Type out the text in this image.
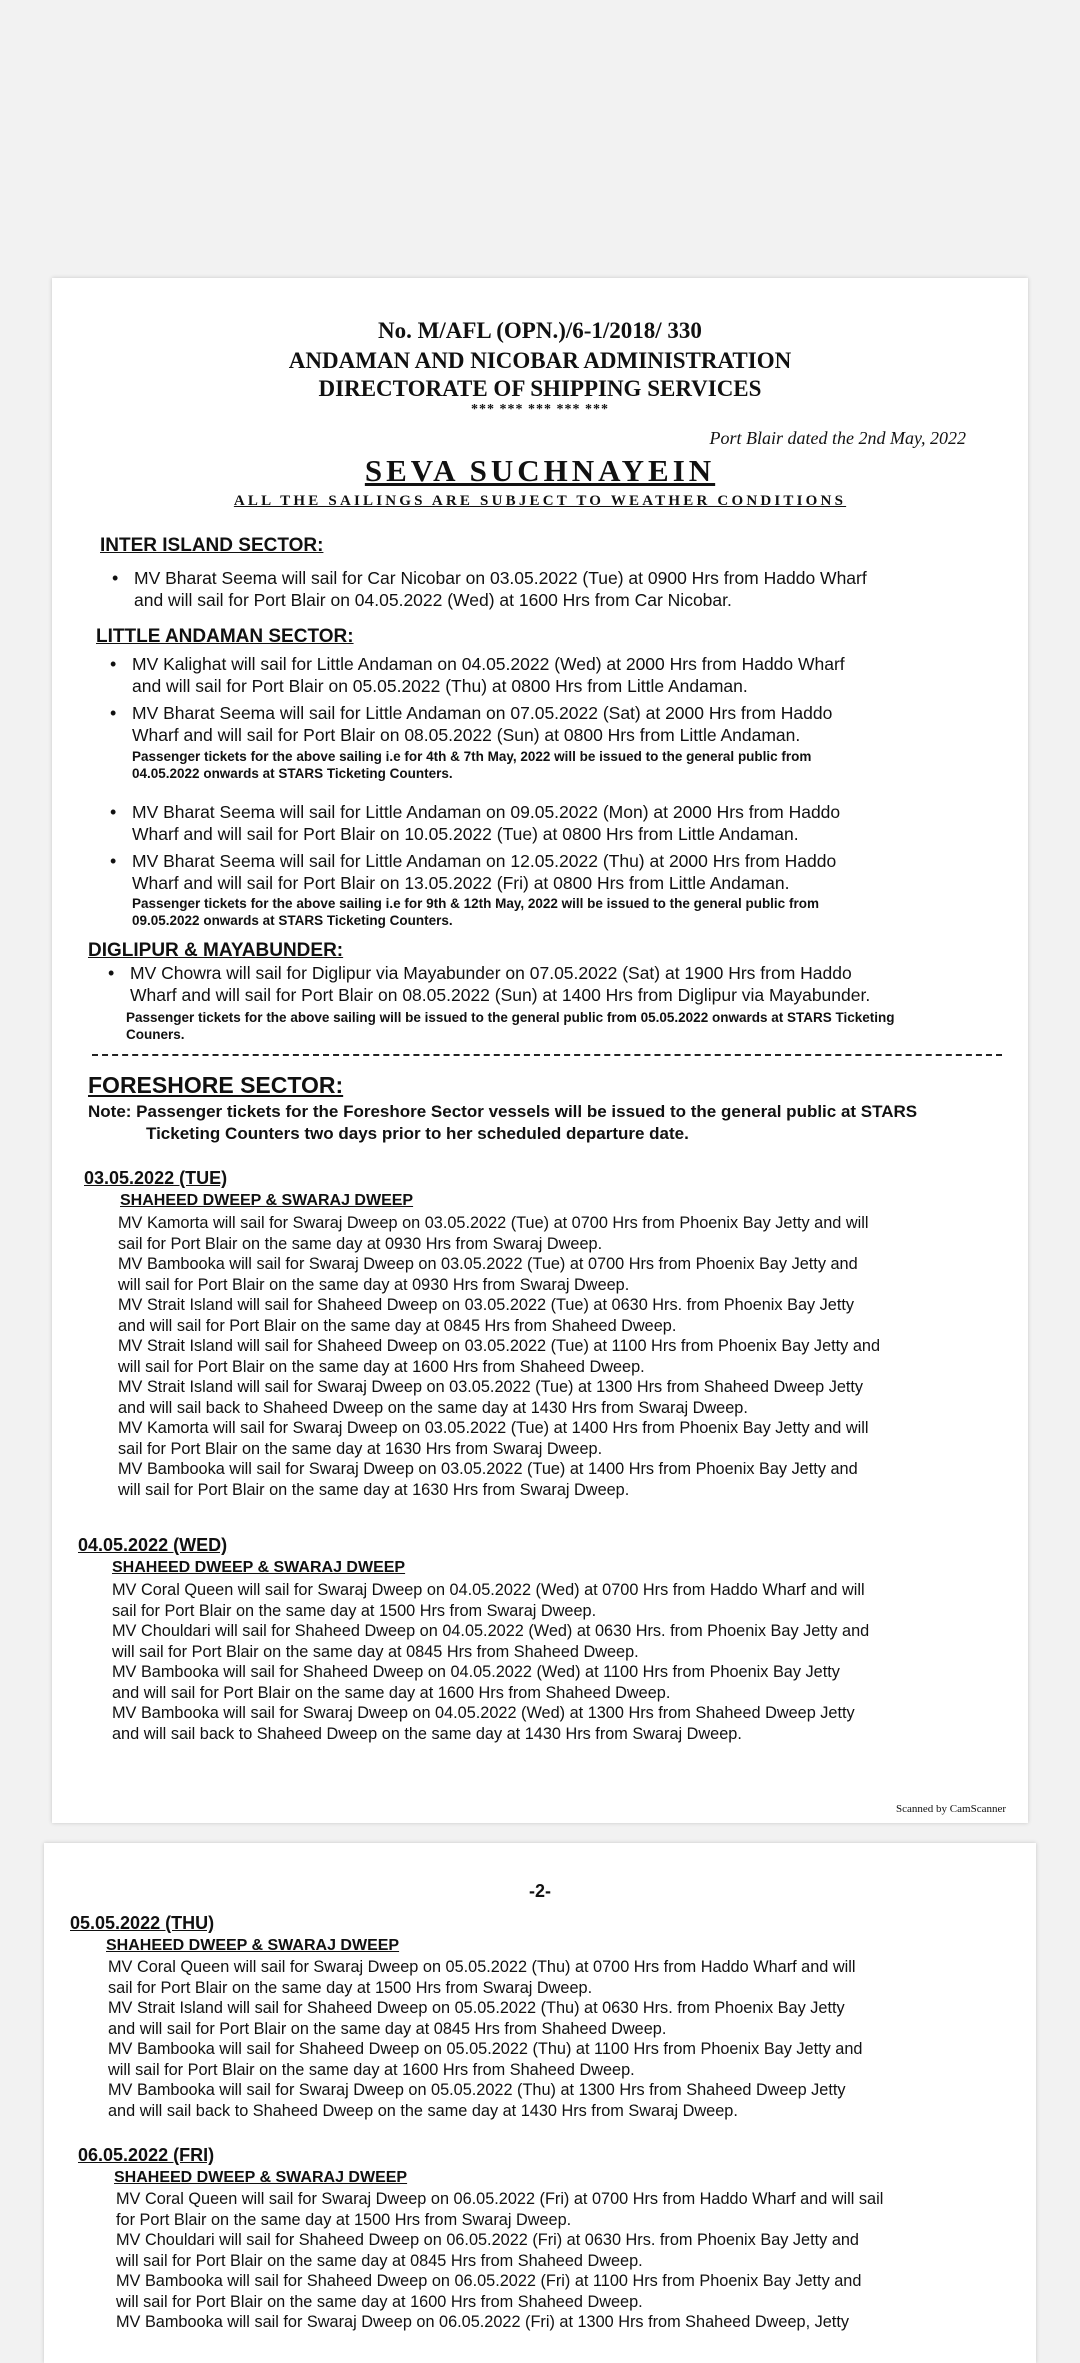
No. M/AFL (OPN.)/6-1/2018/ 330
ANDAMAN AND NICOBAR ADMINISTRATION
DIRECTORATE OF SHIPPING SERVICES
*** *** *** *** ***
Port Blair dated the 2nd May, 2022
SEVA SUCHNAYEIN
ALL THE SAILINGS ARE SUBJECT TO WEATHER CONDITIONS
INTER ISLAND SECTOR:
• MV Bharat Seema will sail for Car Nicobar on 03.05.2022 (Tue) at 0900 Hrs from Haddo Wharf
and will sail for Port Blair on 04.05.2022 (Wed) at 1600 Hrs from Car Nicobar.
LITTLE ANDAMAN SECTOR:
• MV Kalighat will sail for Little Andaman on 04.05.2022 (Wed) at 2000 Hrs from Haddo Wharf
and will sail for Port Blair on 05.05.2022 (Thu) at 0800 Hrs from Little Andaman.
• MV Bharat Seema will sail for Little Andaman on 07.05.2022 (Sat) at 2000 Hrs from Haddo
Wharf and will sail for Port Blair on 08.05.2022 (Sun) at 0800 Hrs from Little Andaman.
Passenger tickets for the above sailing i.e for 4th & 7th May, 2022 will be issued to the general public from
04.05.2022 onwards at STARS Ticketing Counters.
• MV Bharat Seema will sail for Little Andaman on 09.05.2022 (Mon) at 2000 Hrs from Haddo
Wharf and will sail for Port Blair on 10.05.2022 (Tue) at 0800 Hrs from Little Andaman.
• MV Bharat Seema will sail for Little Andaman on 12.05.2022 (Thu) at 2000 Hrs from Haddo
Wharf and will sail for Port Blair on 13.05.2022 (Fri) at 0800 Hrs from Little Andaman.
Passenger tickets for the above sailing i.e for 9th & 12th May, 2022 will be issued to the general public from
09.05.2022 onwards at STARS Ticketing Counters.
DIGLIPUR & MAYABUNDER:
• MV Chowra will sail for Diglipur via Mayabunder on 07.05.2022 (Sat) at 1900 Hrs from Haddo
Wharf and will sail for Port Blair on 08.05.2022 (Sun) at 1400 Hrs from Diglipur via Mayabunder.
Passenger tickets for the above sailing will be issued to the general public from 05.05.2022 onwards at STARS Ticketing
Couners.
FORESHORE SECTOR:
Note: Passenger tickets for the Foreshore Sector vessels will be issued to the general public at STARS
Ticketing Counters two days prior to her scheduled departure date.
03.05.2022 (TUE)
SHAHEED DWEEP & SWARAJ DWEEP
MV Kamorta will sail for Swaraj Dweep on 03.05.2022 (Tue) at 0700 Hrs from Phoenix Bay Jetty and will
sail for Port Blair on the same day at 0930 Hrs from Swaraj Dweep.
MV Bambooka will sail for Swaraj Dweep on 03.05.2022 (Tue) at 0700 Hrs from Phoenix Bay Jetty and
will sail for Port Blair on the same day at 0930 Hrs from Swaraj Dweep.
MV Strait Island will sail for Shaheed Dweep on 03.05.2022 (Tue) at 0630 Hrs. from Phoenix Bay Jetty
and will sail for Port Blair on the same day at 0845 Hrs from Shaheed Dweep.
MV Strait Island will sail for Shaheed Dweep on 03.05.2022 (Tue) at 1100 Hrs from Phoenix Bay Jetty and
will sail for Port Blair on the same day at 1600 Hrs from Shaheed Dweep.
MV Strait Island will sail for Swaraj Dweep on 03.05.2022 (Tue) at 1300 Hrs from Shaheed Dweep Jetty
and will sail back to Shaheed Dweep on the same day at 1430 Hrs from Swaraj Dweep.
MV Kamorta will sail for Swaraj Dweep on 03.05.2022 (Tue) at 1400 Hrs from Phoenix Bay Jetty and will
sail for Port Blair on the same day at 1630 Hrs from Swaraj Dweep.
MV Bambooka will sail for Swaraj Dweep on 03.05.2022 (Tue) at 1400 Hrs from Phoenix Bay Jetty and
will sail for Port Blair on the same day at 1630 Hrs from Swaraj Dweep.
04.05.2022 (WED)
SHAHEED DWEEP & SWARAJ DWEEP
MV Coral Queen will sail for Swaraj Dweep on 04.05.2022 (Wed) at 0700 Hrs from Haddo Wharf and will
sail for Port Blair on the same day at 1500 Hrs from Swaraj Dweep.
MV Chouldari will sail for Shaheed Dweep on 04.05.2022 (Wed) at 0630 Hrs. from Phoenix Bay Jetty and
will sail for Port Blair on the same day at 0845 Hrs from Shaheed Dweep.
MV Bambooka will sail for Shaheed Dweep on 04.05.2022 (Wed) at 1100 Hrs from Phoenix Bay Jetty
and will sail for Port Blair on the same day at 1600 Hrs from Shaheed Dweep.
MV Bambooka will sail for Swaraj Dweep on 04.05.2022 (Wed) at 1300 Hrs from Shaheed Dweep Jetty
and will sail back to Shaheed Dweep on the same day at 1430 Hrs from Swaraj Dweep.
Scanned by CamScanner
-2-
05.05.2022 (THU)
SHAHEED DWEEP & SWARAJ DWEEP
MV Coral Queen will sail for Swaraj Dweep on 05.05.2022 (Thu) at 0700 Hrs from Haddo Wharf and will
sail for Port Blair on the same day at 1500 Hrs from Swaraj Dweep.
MV Strait Island will sail for Shaheed Dweep on 05.05.2022 (Thu) at 0630 Hrs. from Phoenix Bay Jetty
and will sail for Port Blair on the same day at 0845 Hrs from Shaheed Dweep.
MV Bambooka will sail for Shaheed Dweep on 05.05.2022 (Thu) at 1100 Hrs from Phoenix Bay Jetty and
will sail for Port Blair on the same day at 1600 Hrs from Shaheed Dweep.
MV Bambooka will sail for Swaraj Dweep on 05.05.2022 (Thu) at 1300 Hrs from Shaheed Dweep Jetty
and will sail back to Shaheed Dweep on the same day at 1430 Hrs from Swaraj Dweep.
06.05.2022 (FRI)
SHAHEED DWEEP & SWARAJ DWEEP
MV Coral Queen will sail for Swaraj Dweep on 06.05.2022 (Fri) at 0700 Hrs from Haddo Wharf and will sail
for Port Blair on the same day at 1500 Hrs from Swaraj Dweep.
MV Chouldari will sail for Shaheed Dweep on 06.05.2022 (Fri) at 0630 Hrs. from Phoenix Bay Jetty and
will sail for Port Blair on the same day at 0845 Hrs from Shaheed Dweep.
MV Bambooka will sail for Shaheed Dweep on 06.05.2022 (Fri) at 1100 Hrs from Phoenix Bay Jetty and
will sail for Port Blair on the same day at 1600 Hrs from Shaheed Dweep.
MV Bambooka will sail for Swaraj Dweep on 06.05.2022 (Fri) at 1300 Hrs from Shaheed Dweep, Jetty
